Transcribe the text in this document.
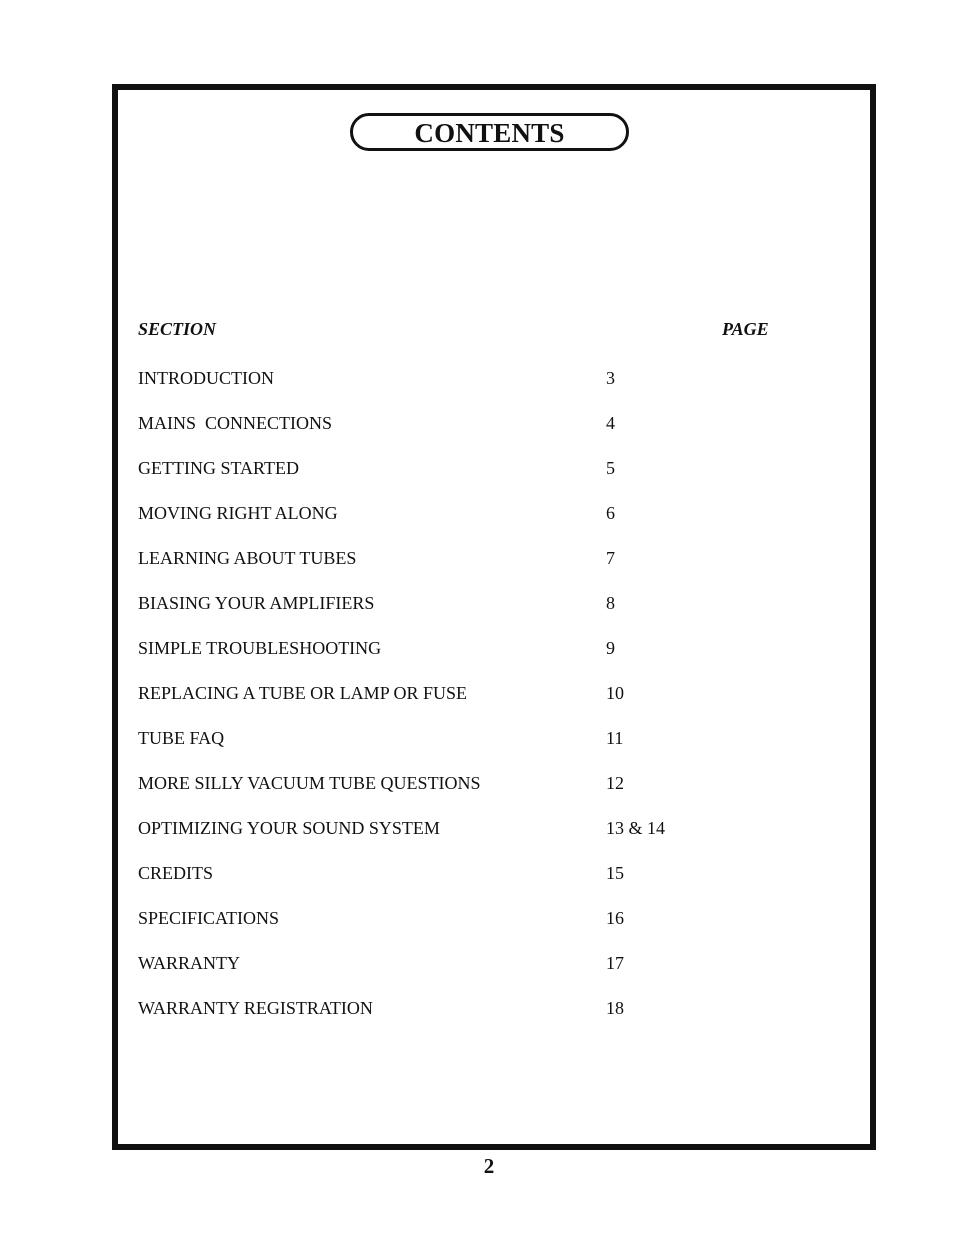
CONTENTS
SECTION	PAGE
INTRODUCTION	3
MAINS  CONNECTIONS	4
GETTING STARTED	5
MOVING RIGHT ALONG	6
LEARNING ABOUT TUBES	7
BIASING YOUR AMPLIFIERS	8
SIMPLE TROUBLESHOOTING	9
REPLACING A TUBE OR LAMP OR FUSE	10
TUBE FAQ	11
MORE SILLY VACUUM TUBE QUESTIONS	12
OPTIMIZING YOUR SOUND SYSTEM	13 & 14
CREDITS	15
SPECIFICATIONS	16
WARRANTY	17
WARRANTY REGISTRATION	18
2
